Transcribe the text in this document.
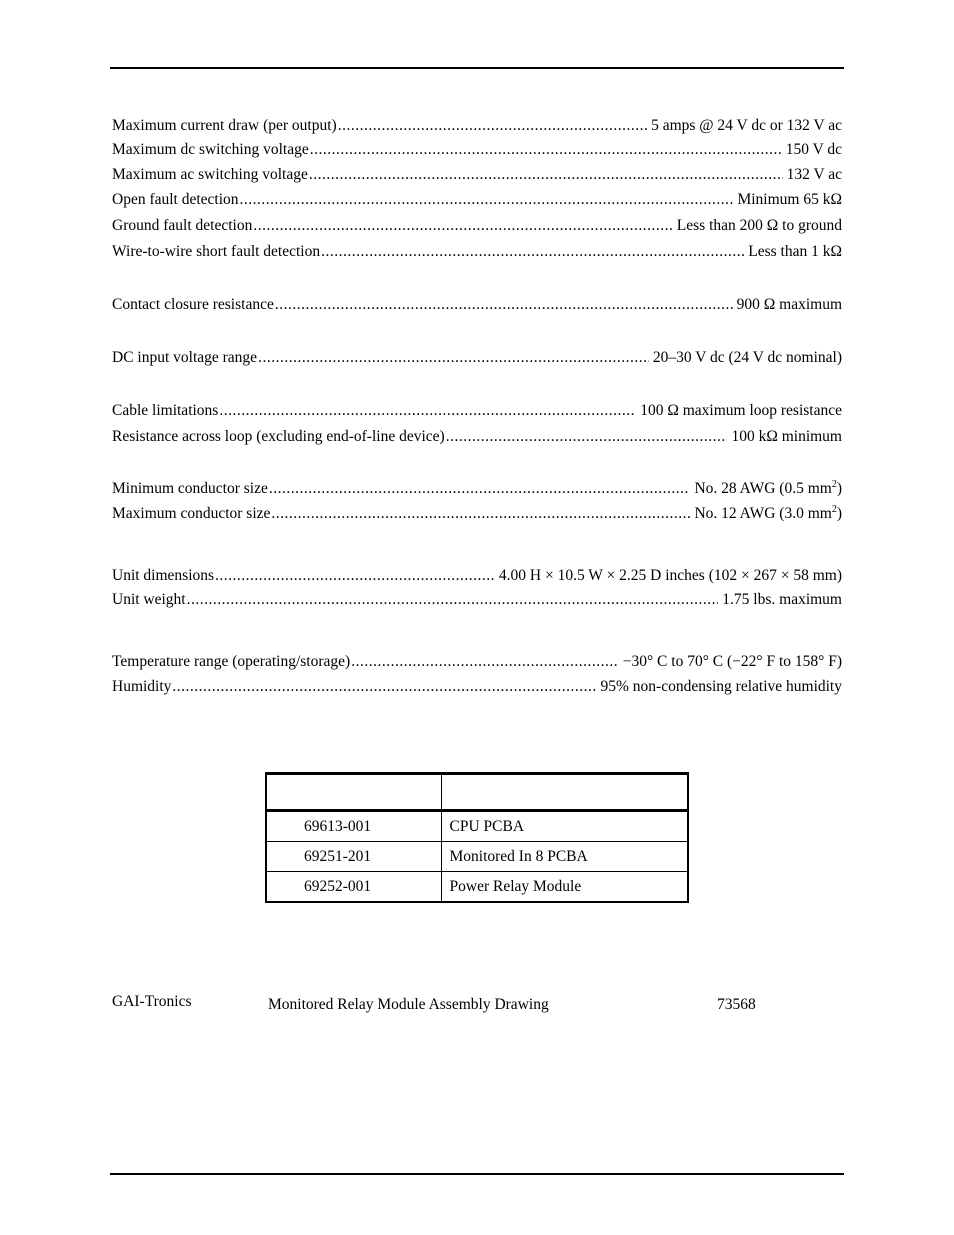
Maximum current draw (per output) .....	5 amps @ 24 V dc or 132 V ac
Maximum dc switching voltage .....	150 V dc
Maximum ac switching voltage .....	132 V ac
Open fault detection .....	Minimum 65 kΩ
Ground fault detection .....	Less than 200 Ω to ground
Wire-to-wire short fault detection .....	Less than 1 kΩ
Contact closure resistance .....	900 Ω maximum
DC input voltage range .....	20–30 V dc (24 V dc nominal)
Cable limitations .....	100 Ω maximum loop resistance
Resistance across loop (excluding end-of-line device) .....	100 kΩ minimum
Minimum conductor size .....	No. 28 AWG (0.5 $mm^2$)
Maximum conductor size .....	No. 12 AWG (3.0 $mm^2$)
Unit dimensions .....	4.00 H × 10.5 W × 2.25 D inches (102 × 267 × 58 mm)
Unit weight .....	1.75 lbs. maximum
Temperature range (operating/storage) .....	−30° C to 70° C (−22° F to 158° F)
Humidity .....	95% non-condensing relative humidity

69613-001	CPU PCBA
69251-201	Monitored In 8 PCBA
69252-001	Power Relay Module
GAI-Tronics	Monitored Relay Module Assembly Drawing	73568
